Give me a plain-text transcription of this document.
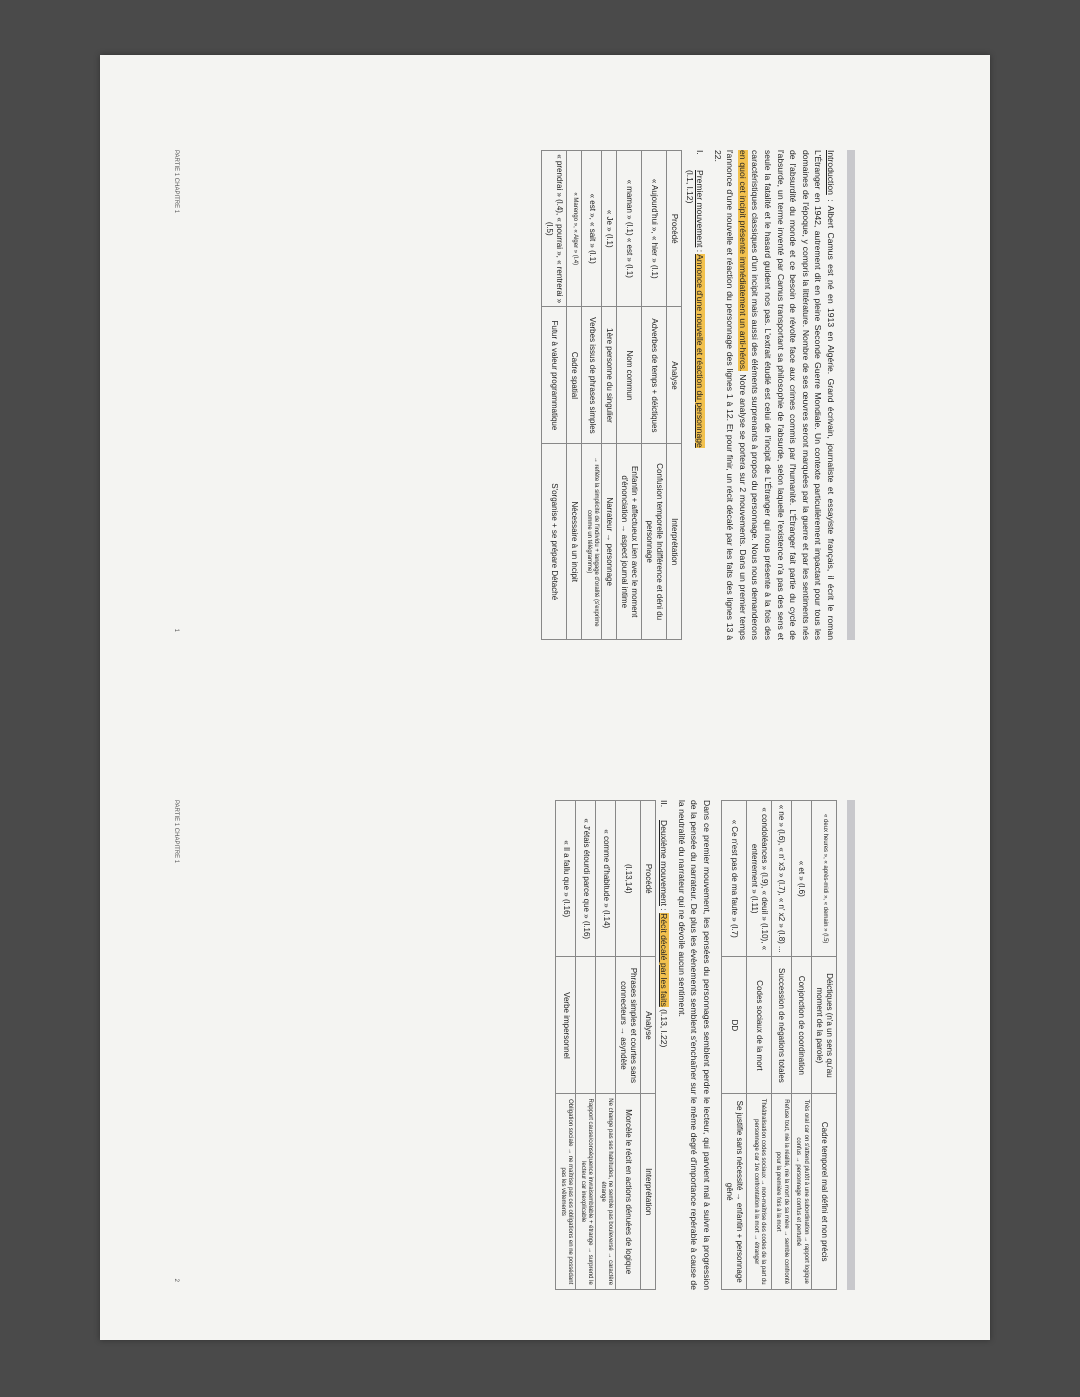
Introduction : Albert Camus est né en 1913 en Algérie. Grand écrivain, journaliste et essayiste français, il écrit le roman L'Étranger en 1942, autrement dit en pleine Seconde Guerre Mondiale. Un contexte particulièrement impactant pour tous les domaines de l'époque, y compris la littérature. Nombre de ses œuvres seront marquées par la guerre et par les sentiments nés de l'absurdité du monde et ce besoin de révolte face aux crimes commis par l'humanité. L'Étranger fait partie du cycle de l'absurde, un terme inventé par Camus transportant sa philosophie de l'absurde, selon laquelle l'existence n'a pas des sens et seule la fatalité et le hasard guident nos pas. L'extrait étudié est celui de l'incipit de L'Étranger qui nous présente à la fois des caractéristiques classiques d'un incipit mais aussi des éléments surprenants à propos du personnage. Nous nous demanderons en quoi cet incipit présente immédiatement un anti-héros. Notre analyse se portera sur 2 mouvements. Dans un premier temps l'annonce d'une nouvelle et réaction du personnage des lignes 1 à 12. Et pour finir, un récit décalé par les faits des lignes 13 à 22.

I.Premier mouvement : Annonce d'une nouvelle et réaction du personnage
(l.1, l.12)
Procédé	Analyse	Interprétation
« Aujourd'hui », « hier » (l.1)	Adverbes de temps + déictiques	Confusion temporelle Indifférence et déni du personnage
« maman » (l.1) « est » (l.1)	Nom commun	Enfantin + affectueux Lien avec le moment d'énonciation → aspect journal intime
« Je » (l.1)	1ère personne du singulier	Narrateur → personnage
« est », « sait » (l.1)	Verbes issus de phrases simples	→ reflète la simplicité de l'individu + langage d'oralité (s'exprime comme un télégramme)
« Marengo », « Alger » (l.4)	Cadre spatial	Nécessaire à un incipit
« prendrai » (l.4), « pourrai », « rentrerai » (l.5)	Futur à valeur programmatique	S'organise + se prépare Détaché
PARTIE 1 CHAPITRE 1
1
« deux heures », « après-midi », « demain » (l.5)	Déictiques (n'a un sens qu'au moment de la parole)	Cadre temporel mal défini et non précis
« et » (l.6)	Conjonction de coordination	Très oral car on s'attend plutôt à une subordination → rapport logique confus → personnage confus et perturbé
« ne » (l.6), « n' x3 » (l.7), « n' x2 » (l.8) ...	Succession de négations totales	Refuse tout, nie la réalité, nie la mort de sa mère → semble confronté pour la première fois à la mort
« condoléances » (l.9), « deuil » (l.10), « enterrement » (l.11)	Codes sociaux de la mort	Théâtralisation codes sociaux → non-maîtrise des codes de la part du personnage car 1re confrontation à la mort → étranger
« Ce n'est pas de ma faute » (l.7)	DD	Se justifie sans nécessité → enfantin + personnage gêné
Dans ce premier mouvement, les pensées du personnages semblent perdre le lecteur, qui parvient mal à suivre la progression de la pensée du narrateur. De plus les évènements semblent s'enchaîner sur le même degré d'importance repérable à cause de la neutralité du narrateur qui ne dévoile aucun sentiment.
II.Deuxième mouvement : Récit décalé par les faits (l.13, l.22)
Procédé	Analyse	Interprétation
(l.13,14)	Phrases simples et courtes sans connecteurs → asyndète	Morcèle le récit en actions dénuées de logique
« comme d'habitude » (l.14)		Ne change pas ses habitudes, ne semble pas bouleversé → caractère étrange
« J'étais étourdi parce que » (l.16)		Rapport cause/conséquence invraisemblable + étrange → surprend le lecteur car inexplicable
« Il a fallu que » (l.16)	Verbe impersonnel	Obligation sociale → ne maîtrise pas ces obligations en ne possédant pas les vêtements
PARTIE 1 CHAPITRE 1
2
